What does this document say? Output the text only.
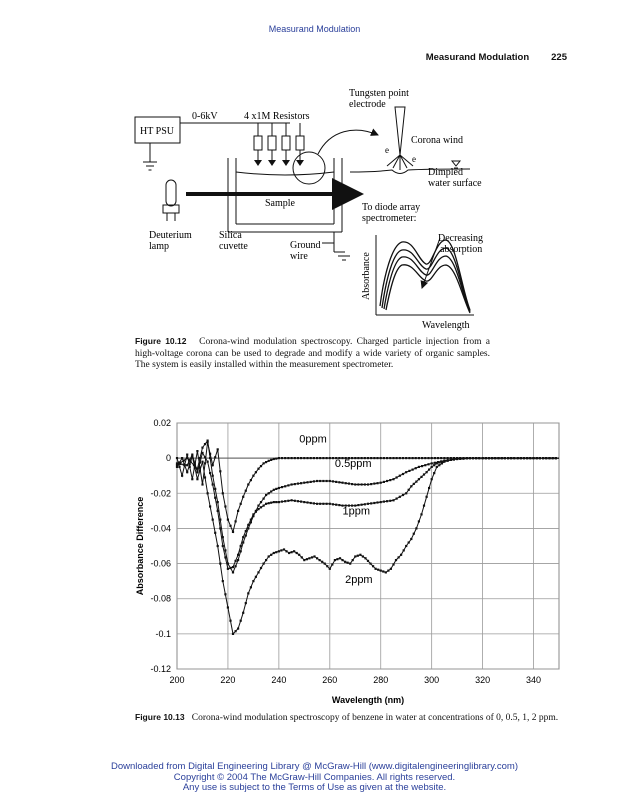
Measurand Modulation
Measurand Modulation 225
HT PSU
0-6kV	4 x1M Resistors
Sample
Deuterium
lamp
Silica
cuvette	Ground
wire
Tungsten point
electrode
e
e
Corona wind
Dimpled
water surface
To diode array
spectrometer:
Decreasing
absorption
Absorbance
Wavelength
Figure 10.12 Corona-wind modulation spectroscopy. Charged particle injection from a high-voltage corona can be used to degrade and modify a wide variety of organic samples. The system is easily installed within the measurement spectrometer.
0.02
0
-0.02
-0.04
-0.06
-0.08
-0.1
-0.12
200	220	240	260	280	300	320	340
0ppm
0.5ppm
1ppm
2ppm
Wavelength (nm)
Absorbance Difference
Figure 10.13 Corona-wind modulation spectroscopy of benzene in water at concentrations of 0, 0.5, 1, 2 ppm.
Downloaded from Digital Engineering Library @ McGraw-Hill (www.digitalengineeringlibrary.com)
Copyright © 2004 The McGraw-Hill Companies. All rights reserved.
Any use is subject to the Terms of Use as given at the website.
